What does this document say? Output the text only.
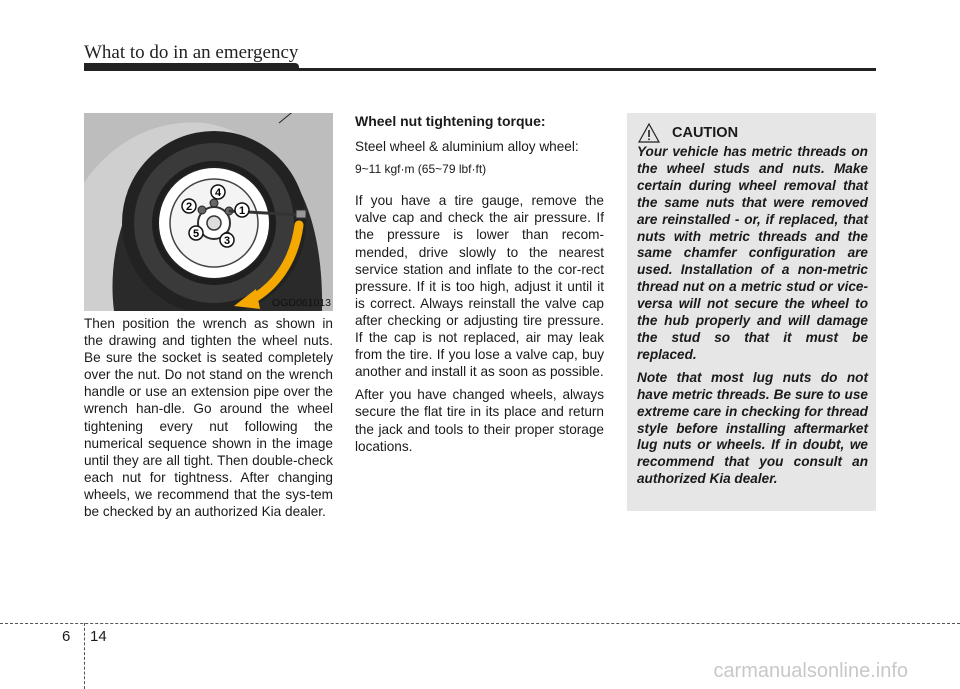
What to do in an emergency
1
2
3
4
5
OGD061013
Then position the wrench as shown in the drawing and tighten the wheel nuts. Be sure the socket is seated completely over the nut. Do not stand on the wrench handle or use an extension pipe over the wrench han-dle. Go around the wheel tightening every nut following the numerical sequence shown in the image until they are all tight. Then double-check each nut for tightness. After changing wheels, we recommend that the sys-tem be checked by an authorized Kia dealer.

Wheel nut tightening torque:

Steel wheel & aluminium alloy wheel:

9~11 kgf·m (65~79 lbf·ft)

If you have a tire gauge, remove the valve cap and check the air pressure. If the pressure is lower than recom-mended, drive slowly to the nearest service station and inflate to the cor-rect pressure. If it is too high, adjust it until it is correct. Always reinstall the valve cap after checking or adjusting tire pressure. If the cap is not replaced, air may leak from the tire. If you lose a valve cap, buy another and install it as soon as possible.

After you have changed wheels, always secure the flat tire in its place and return the jack and tools to their proper storage locations.

CAUTION

Your vehicle has metric threads on the wheel studs and nuts. Make certain during wheel removal that the same nuts that were removed are reinstalled - or, if replaced, that nuts with metric threads and the same chamfer configuration are used. Installation of a non-metric thread nut on a metric stud or vice-versa will not secure the wheel to the hub properly and will damage the stud so that it must be replaced.

Note that most lug nuts do not have metric threads. Be sure to use extreme care in checking for thread style before installing aftermarket lug nuts or wheels. If in doubt, we recommend that you consult an authorized Kia dealer.

6 14
carmanualsonline.info
